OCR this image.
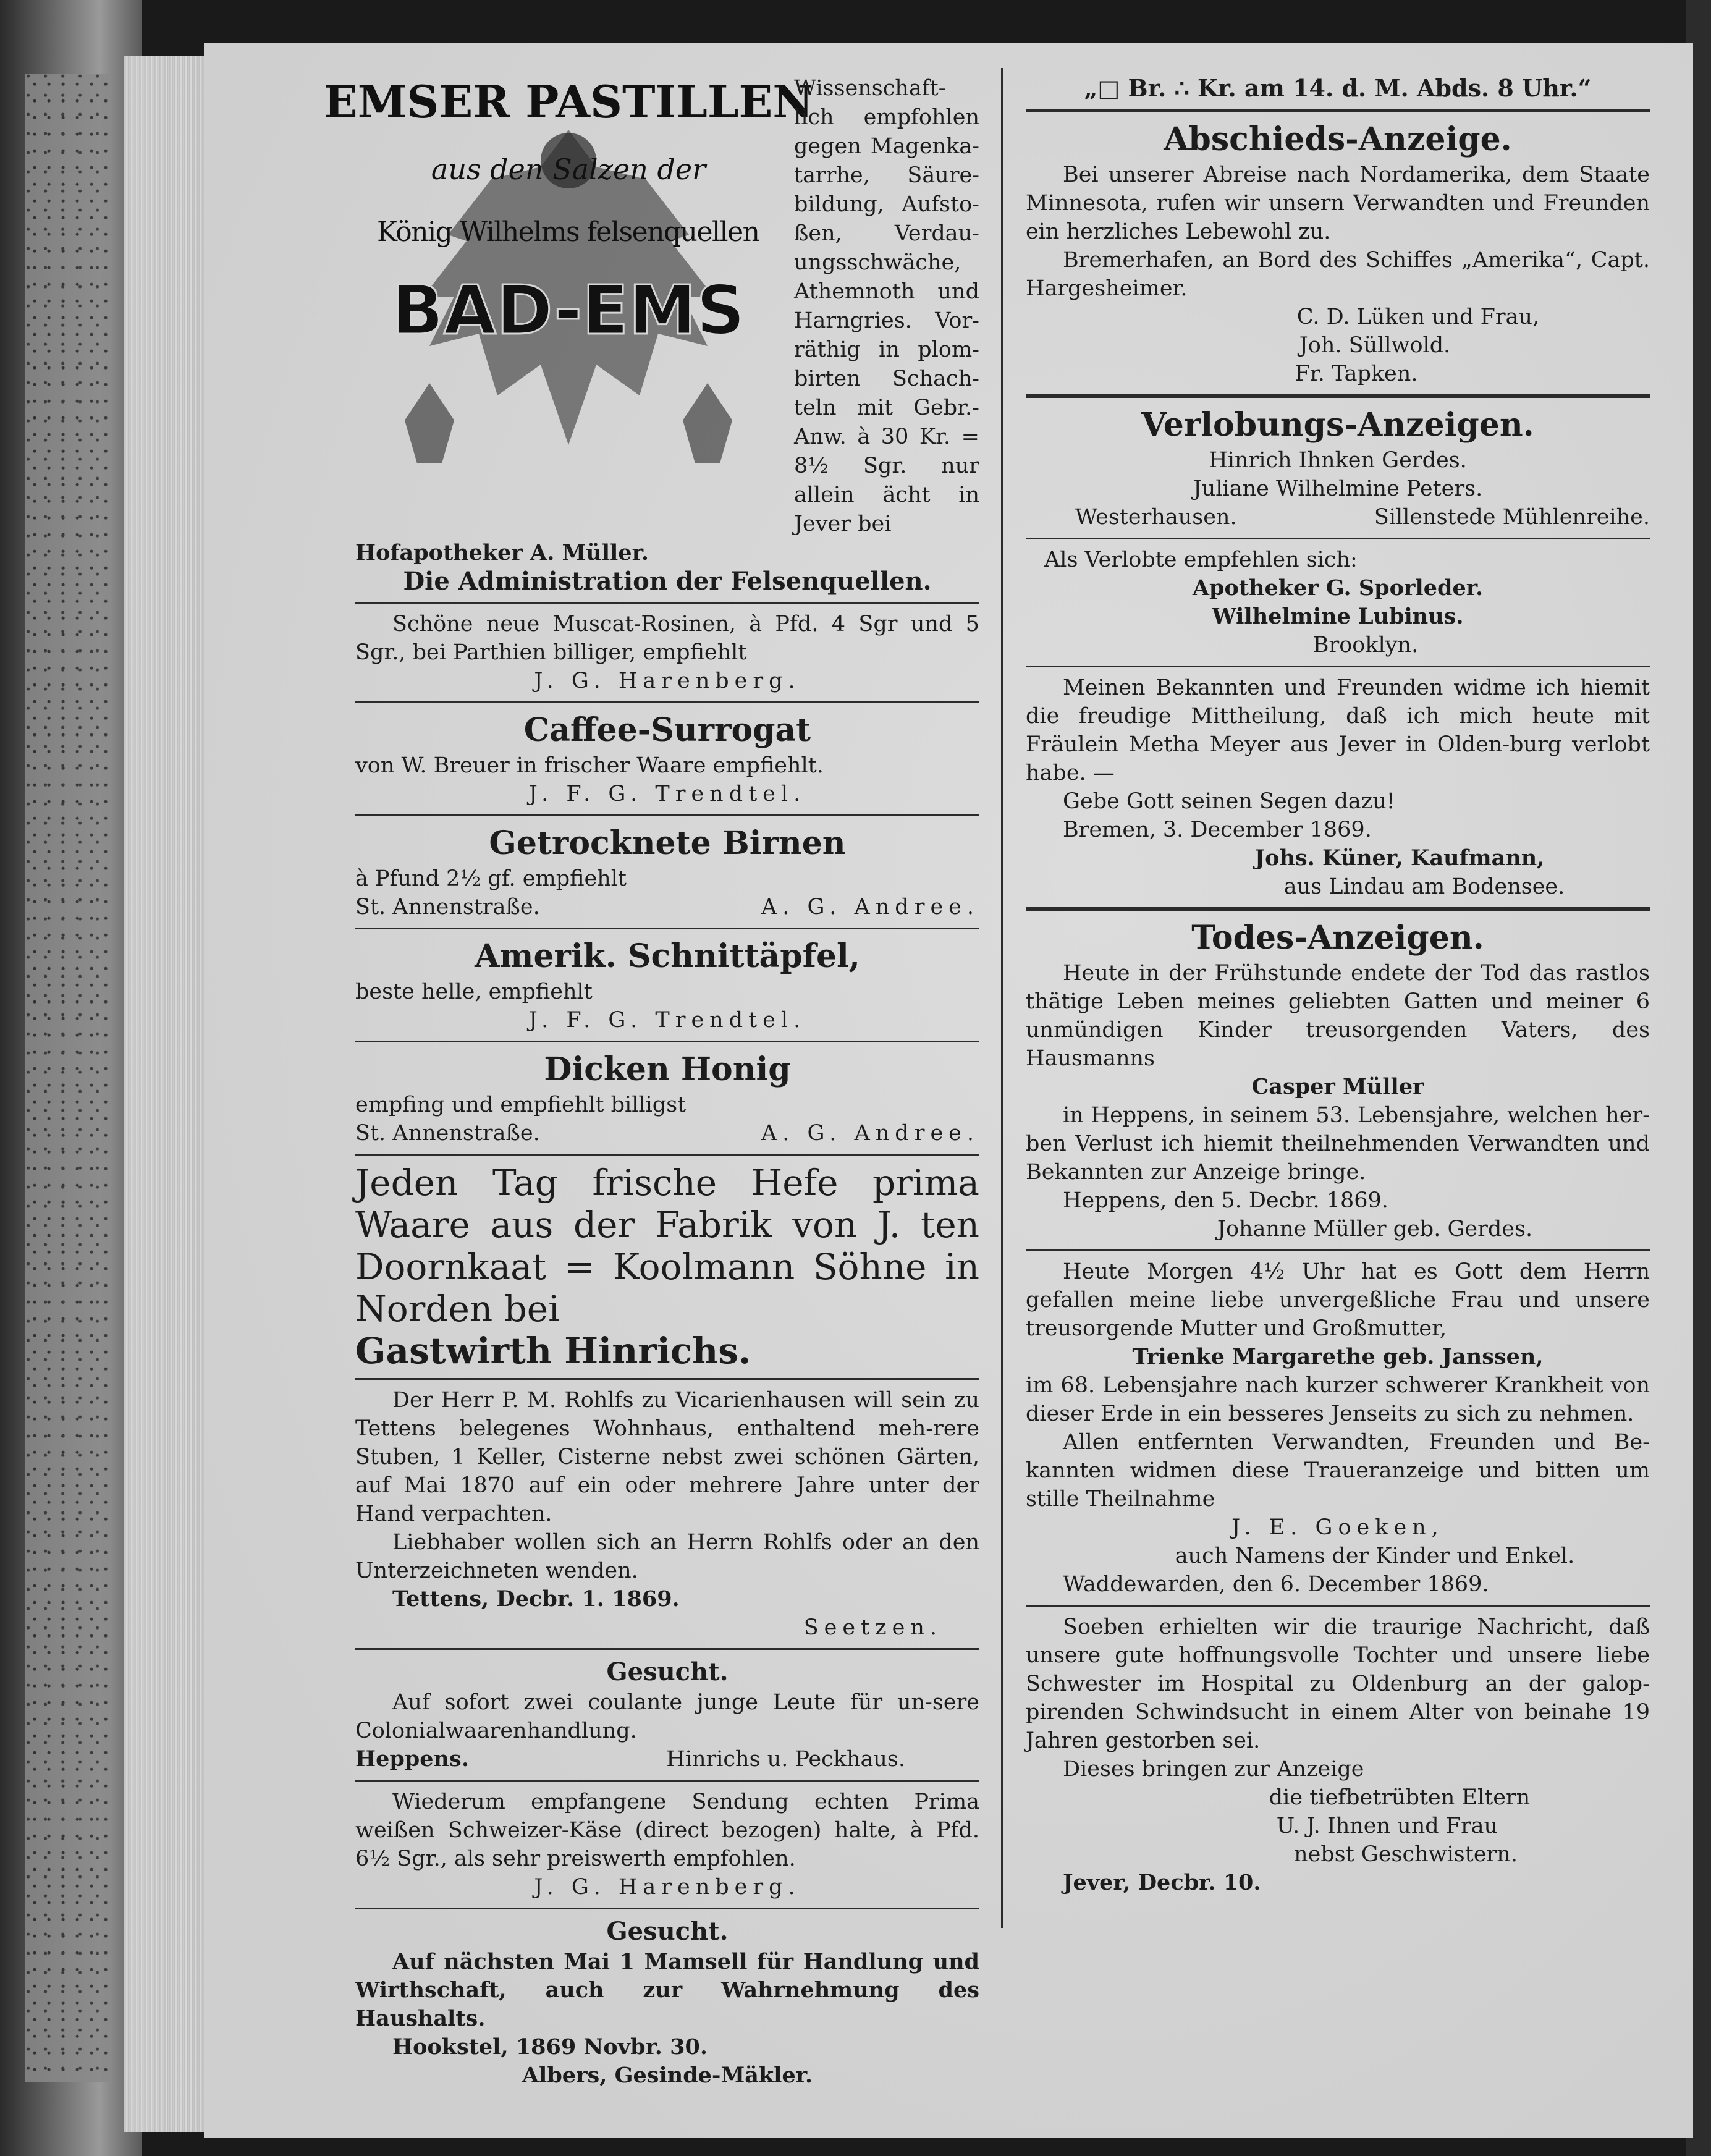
EMSER PASTILLEN
aus den Salzen der
König Wilhelms felsenquellen
BAD-EMS
Wissenschaft-lich empfohlen gegen Magenka-tarrhe, Säure-bildung, Aufsto-ßen, Verdau-ungsschwäche, Athemnoth und Harngries. Vor-räthig in plom-birten Schach-teln mit Gebr.-Anw. à 30 Kr. = 8½ Sgr. nur allein ächt in Jever bei
Hofapotheker A. Müller.
Die Administration der Felsenquellen.
Schöne neue Muscat-Rosinen, à Pfd. 4 Sgr und 5 Sgr., bei Parthien billiger, empfiehlt
J. G. Harenberg.
Caffee-Surrogat
von W. Breuer in frischer Waare empfiehlt.
J. F. G. Trendtel.
Getrocknete Birnen
à Pfund 2½ gf. empfiehlt
St. Annenstraße.	A. G. Andree.
Amerik. Schnittäpfel,
beste helle, empfiehlt
J. F. G. Trendtel.
Dicken Honig
empfing und empfiehlt billigst
St. Annenstraße.	A. G. Andree.
Jeden Tag frische Hefe prima Waare aus der Fabrik von J. ten Doornkaat = Koolmann Söhne in Norden bei
Gastwirth Hinrichs.
Der Herr P. M. Rohlfs zu Vicarienhausen will sein zu Tettens belegenes Wohnhaus, enthaltend meh-rere Stuben, 1 Keller, Cisterne nebst zwei schönen Gärten, auf Mai 1870 auf ein oder mehrere Jahre unter der Hand verpachten.
Liebhaber wollen sich an Herrn Rohlfs oder an den Unterzeichneten wenden.
Tettens, Decbr. 1. 1869.
Seetzen.
Gesucht.
Auf sofort zwei coulante junge Leute für un-sere Colonialwaarenhandlung.
Heppens.	Hinrichs u. Peckhaus.
Wiederum empfangene Sendung echten Prima weißen Schweizer-Käse (direct bezogen) halte, à Pfd. 6½ Sgr., als sehr preiswerth empfohlen.
J. G. Harenberg.
Gesucht.
Auf nächsten Mai 1 Mamsell für Handlung und Wirthschaft, auch zur Wahrnehmung des Haushalts.
Hookstel, 1869 Novbr. 30.
Albers, Gesinde-Mäkler.
„□ Br. ∴ Kr. am 14. d. M. Abds. 8 Uhr.“
Abschieds-Anzeige.
Bei unserer Abreise nach Nordamerika, dem Staate Minnesota, rufen wir unsern Verwandten und Freunden ein herzliches Lebewohl zu.
Bremerhafen, an Bord des Schiffes „Amerika“, Capt. Hargesheimer.
C. D. Lüken und Frau,
Joh. Süllwold.
Fr. Tapken.
Verlobungs-Anzeigen.
Hinrich Ihnken Gerdes.
Juliane Wilhelmine Peters.
Westerhausen.	Sillenstede Mühlenreihe.
Als Verlobte empfehlen sich:
Apotheker G. Sporleder.
Wilhelmine Lubinus.
Brooklyn.
Meinen Bekannten und Freunden widme ich hiemit die freudige Mittheilung, daß ich mich heute mit Fräulein Metha Meyer aus Jever in Olden-burg verlobt habe. —
Gebe Gott seinen Segen dazu!
Bremen, 3. December 1869.
Johs. Küner, Kaufmann,
aus Lindau am Bodensee.
Todes-Anzeigen.
Heute in der Frühstunde endete der Tod das rastlos thätige Leben meines geliebten Gatten und meiner 6 unmündigen Kinder treusorgenden Vaters, des Hausmanns
Casper Müller
in Heppens, in seinem 53. Lebensjahre, welchen her-ben Verlust ich hiemit theilnehmenden Verwandten und Bekannten zur Anzeige bringe.
Heppens, den 5. Decbr. 1869.
Johanne Müller geb. Gerdes.
Heute Morgen 4½ Uhr hat es Gott dem Herrn gefallen meine liebe unvergeßliche Frau und unsere treusorgende Mutter und Großmutter,
Trienke Margarethe geb. Janssen,
im 68. Lebensjahre nach kurzer schwerer Krankheit von dieser Erde in ein besseres Jenseits zu sich zu nehmen.
Allen entfernten Verwandten, Freunden und Be-kannten widmen diese Traueranzeige und bitten um stille Theilnahme
J. E. Goeken,
auch Namens der Kinder und Enkel.
Waddewarden, den 6. December 1869.
Soeben erhielten wir die traurige Nachricht, daß unsere gute hoffnungsvolle Tochter und unsere liebe Schwester im Hospital zu Oldenburg an der galop-pirenden Schwindsucht in einem Alter von beinahe 19 Jahren gestorben sei.
Dieses bringen zur Anzeige
die tiefbetrübten Eltern
U. J. Ihnen und Frau
nebst Geschwistern.
Jever, Decbr. 10.
